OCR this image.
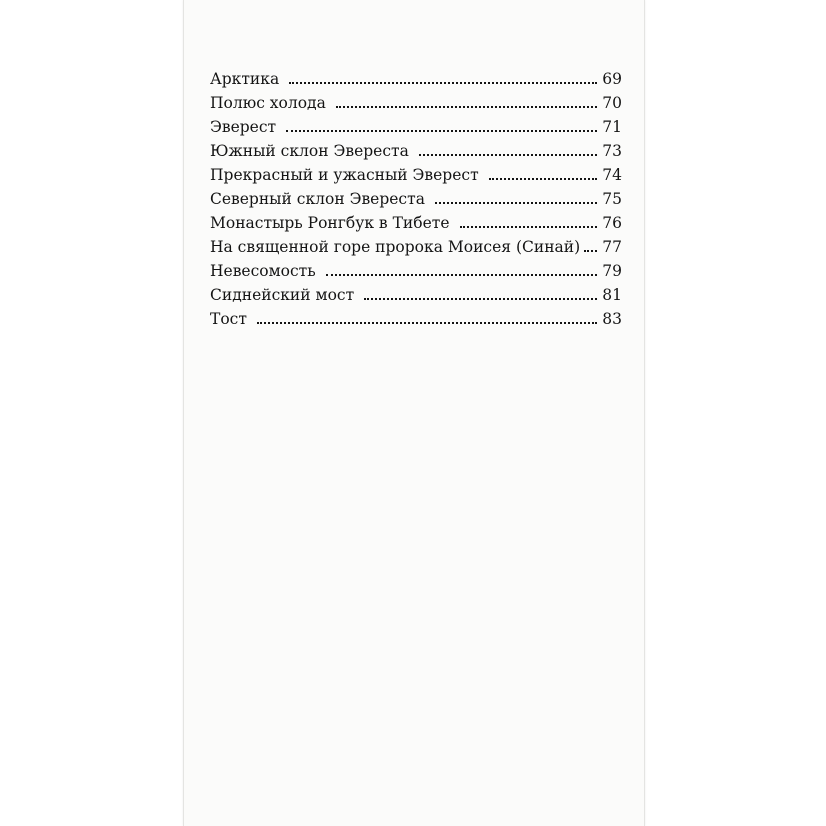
Арктика	69
Полюс холода	70
Эверест	71
Южный склон Эвереста	73
Прекрасный и ужасный Эверест	74
Северный склон Эвереста	75
Монастырь Ронгбук в Тибете	76
На священной горе пророка Моисея (Синай) 77
Невесомость	79
Сиднейский мост	81
Тост	83
